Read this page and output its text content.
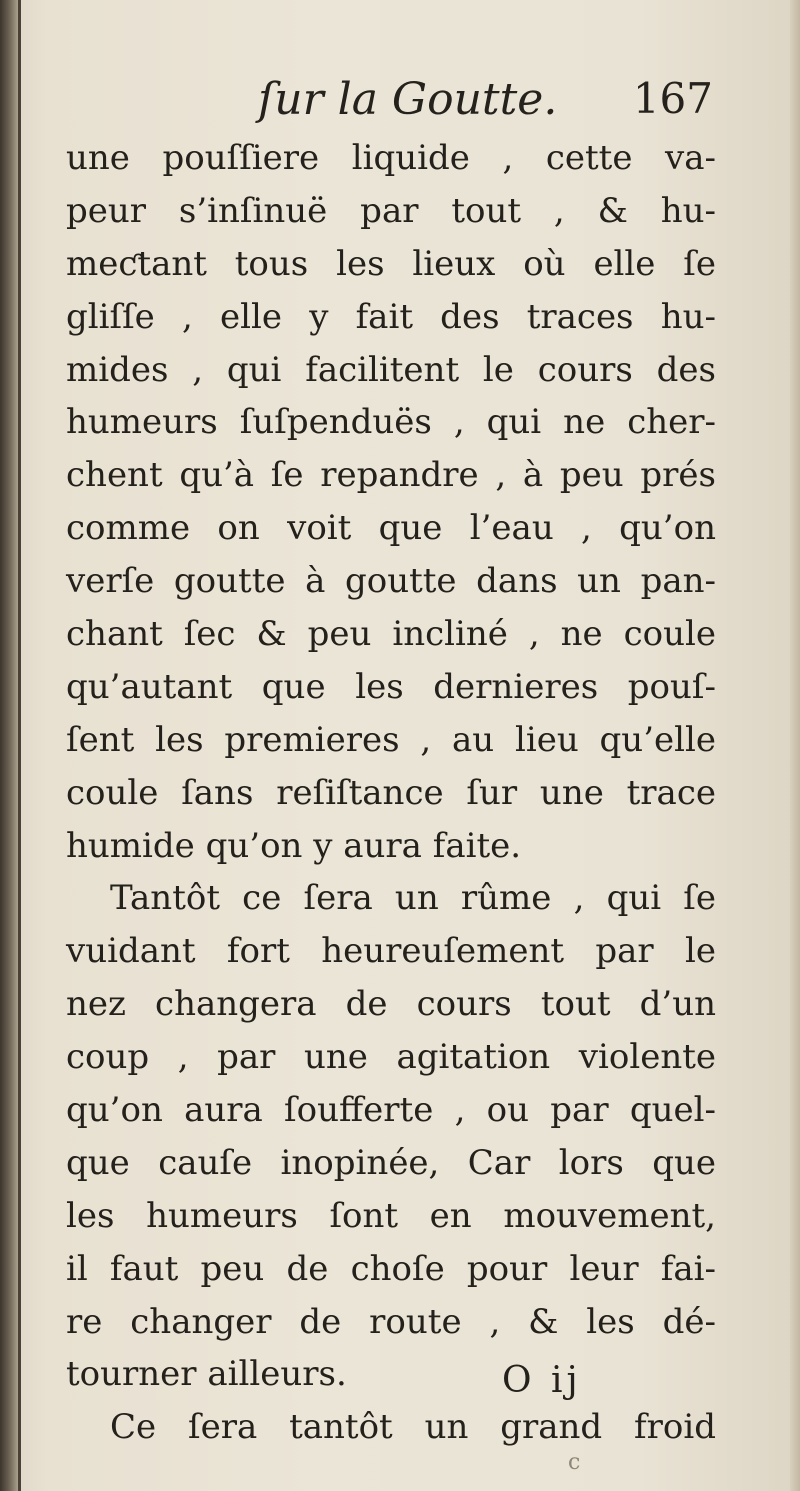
ſur la Goutte. 167
une pouſſiere liquide , cette va-
peur s’inſinuë par tout , & hu-
meƈtant tous les lieux où elle ſe
gliſſe , elle y fait des traces hu-
mides , qui facilitent le cours des
humeurs ſuſpenduës , qui ne cher-
chent qu’à ſe repandre , à peu prés
comme on voit que l’eau , qu’on
verſe goutte à goutte dans un pan-
chant ſec & peu incliné , ne coule
qu’autant que les dernieres pouſ-
ſent les premieres , au lieu qu’elle
coule ſans reſiſtance ſur une trace
humide qu’on y aura faite.
Tantôt ce ſera un rûme , qui ſe
vuidant fort heureuſement par le
nez changera de cours tout d’un
coup , par une agitation violente
qu’on aura ſoufferte , ou par quel-
que cauſe inopinée, Car lors que
les humeurs ſont en mouvement,
il faut peu de choſe pour leur fai-
re changer de route , & les dé-
tourner ailleurs.
Ce ſera tantôt un grand froid
O ij
c
